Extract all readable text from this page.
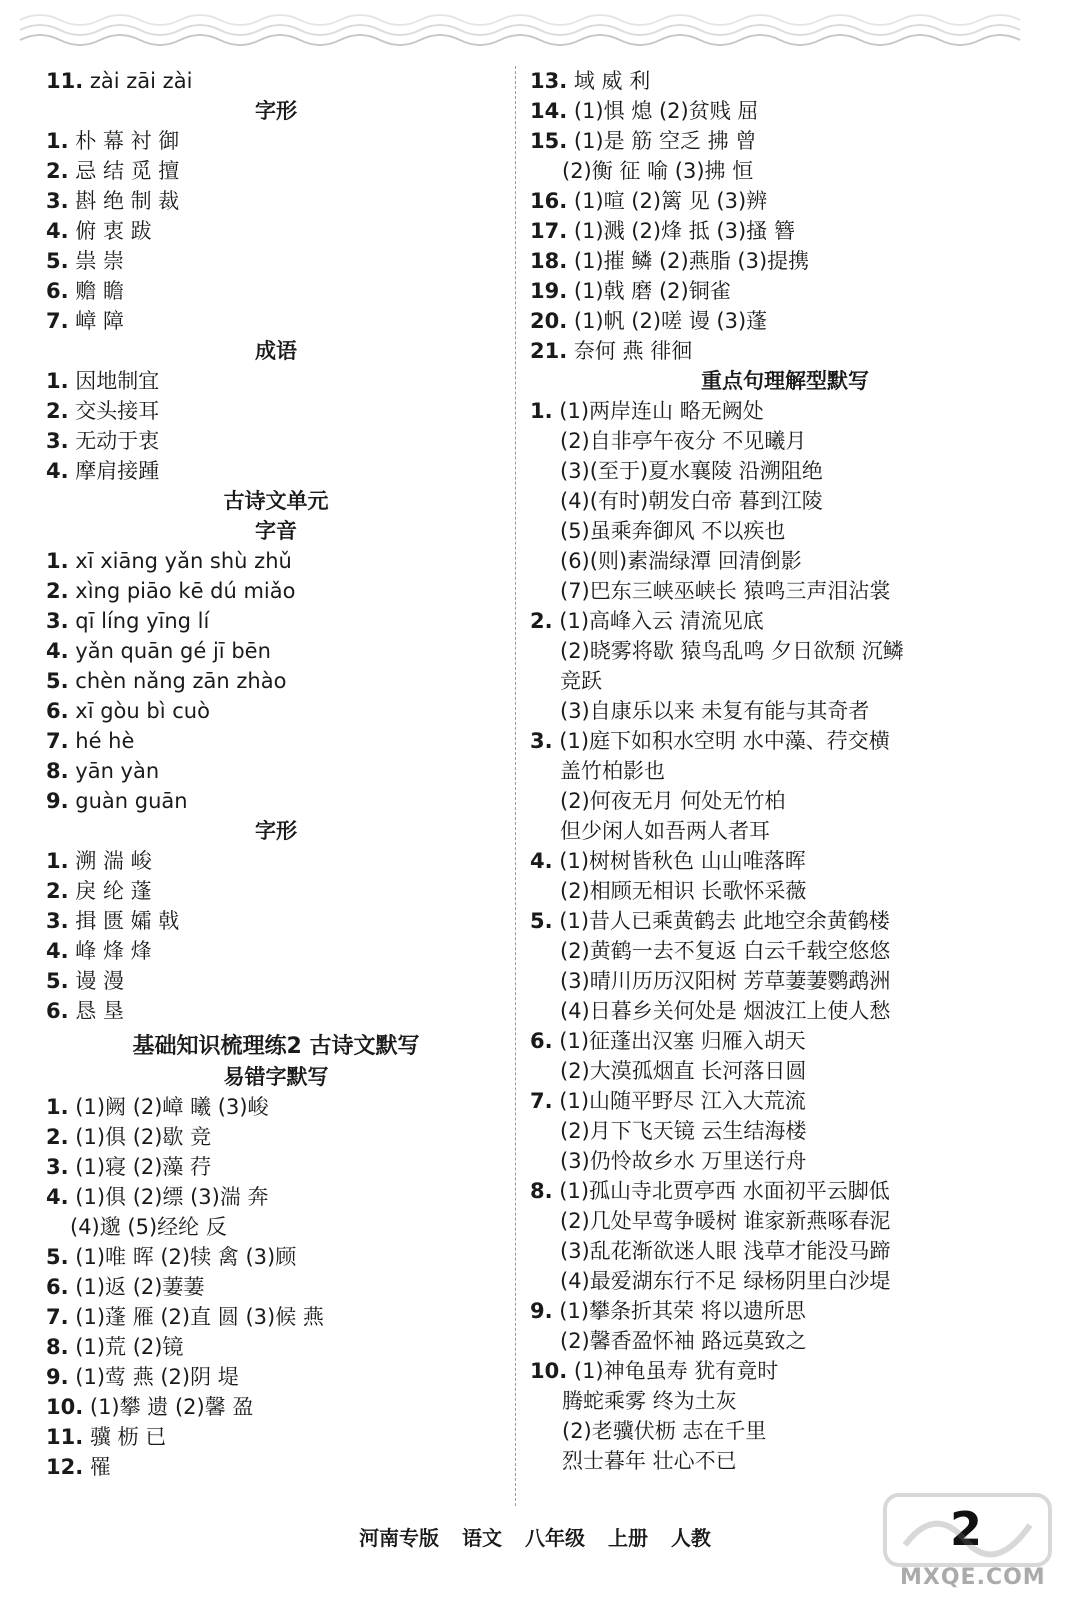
11. zài zāi zài
字形
1. 朴 幕 衬 御
2. 忌 结 觅 擅
3. 斟 绝 制 裁
4. 俯 衷 跋
5. 祟 崇
6. 赡 瞻
7. 嶂 障
成语
1. 因地制宜
2. 交头接耳
3. 无动于衷
4. 摩肩接踵
古诗文单元
字音
1. xī xiāng yǎn shù zhǔ
2. xìng piāo kē dú miǎo
3. qī líng yīng lí
4. yǎn quān gé jī bēn
5. chèn nǎng zān zhào
6. xī gòu bì cuò
7. hé hè
8. yān yàn
9. guàn guān
字形
1. 溯 湍 峻
2. 戾 纶 蓬
3. 揖 匮 孀 戟
4. 峰 烽 烽
5. 谩 漫
6. 恳 垦
基础知识梳理练2 古诗文默写
易错字默写
1. (1)阙 (2)嶂 曦 (3)峻
2. (1)俱 (2)歇 竞
3. (1)寝 (2)藻 荇
4. (1)俱 (2)缥 (3)湍 奔
(4)邈 (5)经纶 反
5. (1)唯 晖 (2)犊 禽 (3)顾
6. (1)返 (2)萋萋
7. (1)蓬 雁 (2)直 圆 (3)候 燕
8. (1)荒 (2)镜
9. (1)莺 燕 (2)阴 堤
10. (1)攀 遗 (2)馨 盈
11. 骥 枥 已
12. 罹
13. 域 威 利
14. (1)惧 熄 (2)贫贱 屈
15. (1)是 筋 空乏 拂 曾
(2)衡 征 喻 (3)拂 恒
16. (1)喧 (2)篱 见 (3)辨
17. (1)溅 (2)烽 抵 (3)搔 簪
18. (1)摧 鳞 (2)燕脂 (3)提携
19. (1)戟 磨 (2)铜雀
20. (1)帆 (2)嗟 谩 (3)蓬
21. 奈何 燕 徘徊
重点句理解型默写
1. (1)两岸连山 略无阙处
(2)自非亭午夜分 不见曦月
(3)(至于)夏水襄陵 沿溯阻绝
(4)(有时)朝发白帝 暮到江陵
(5)虽乘奔御风 不以疾也
(6)(则)素湍绿潭 回清倒影
(7)巴东三峡巫峡长 猿鸣三声泪沾裳
2. (1)高峰入云 清流见底
(2)晓雾将歇 猿鸟乱鸣 夕日欲颓 沉鳞
竞跃
(3)自康乐以来 未复有能与其奇者
3. (1)庭下如积水空明 水中藻、荇交横
盖竹柏影也
(2)何夜无月 何处无竹柏
但少闲人如吾两人者耳
4. (1)树树皆秋色 山山唯落晖
(2)相顾无相识 长歌怀采薇
5. (1)昔人已乘黄鹤去 此地空余黄鹤楼
(2)黄鹤一去不复返 白云千载空悠悠
(3)晴川历历汉阳树 芳草萋萋鹦鹉洲
(4)日暮乡关何处是 烟波江上使人愁
6. (1)征蓬出汉塞 归雁入胡天
(2)大漠孤烟直 长河落日圆
7. (1)山随平野尽 江入大荒流
(2)月下飞天镜 云生结海楼
(3)仍怜故乡水 万里送行舟
8. (1)孤山寺北贾亭西 水面初平云脚低
(2)几处早莺争暖树 谁家新燕啄春泥
(3)乱花渐欲迷人眼 浅草才能没马蹄
(4)最爱湖东行不足 绿杨阴里白沙堤
9. (1)攀条折其荣 将以遗所思
(2)馨香盈怀袖 路远莫致之
10. (1)神龟虽寿 犹有竟时
腾蛇乘雾 终为土灰
(2)老骥伏枥 志在千里
烈士暮年 壮心不已
河南专版 语文 八年级 上册 人教	2
MXQE.COM
